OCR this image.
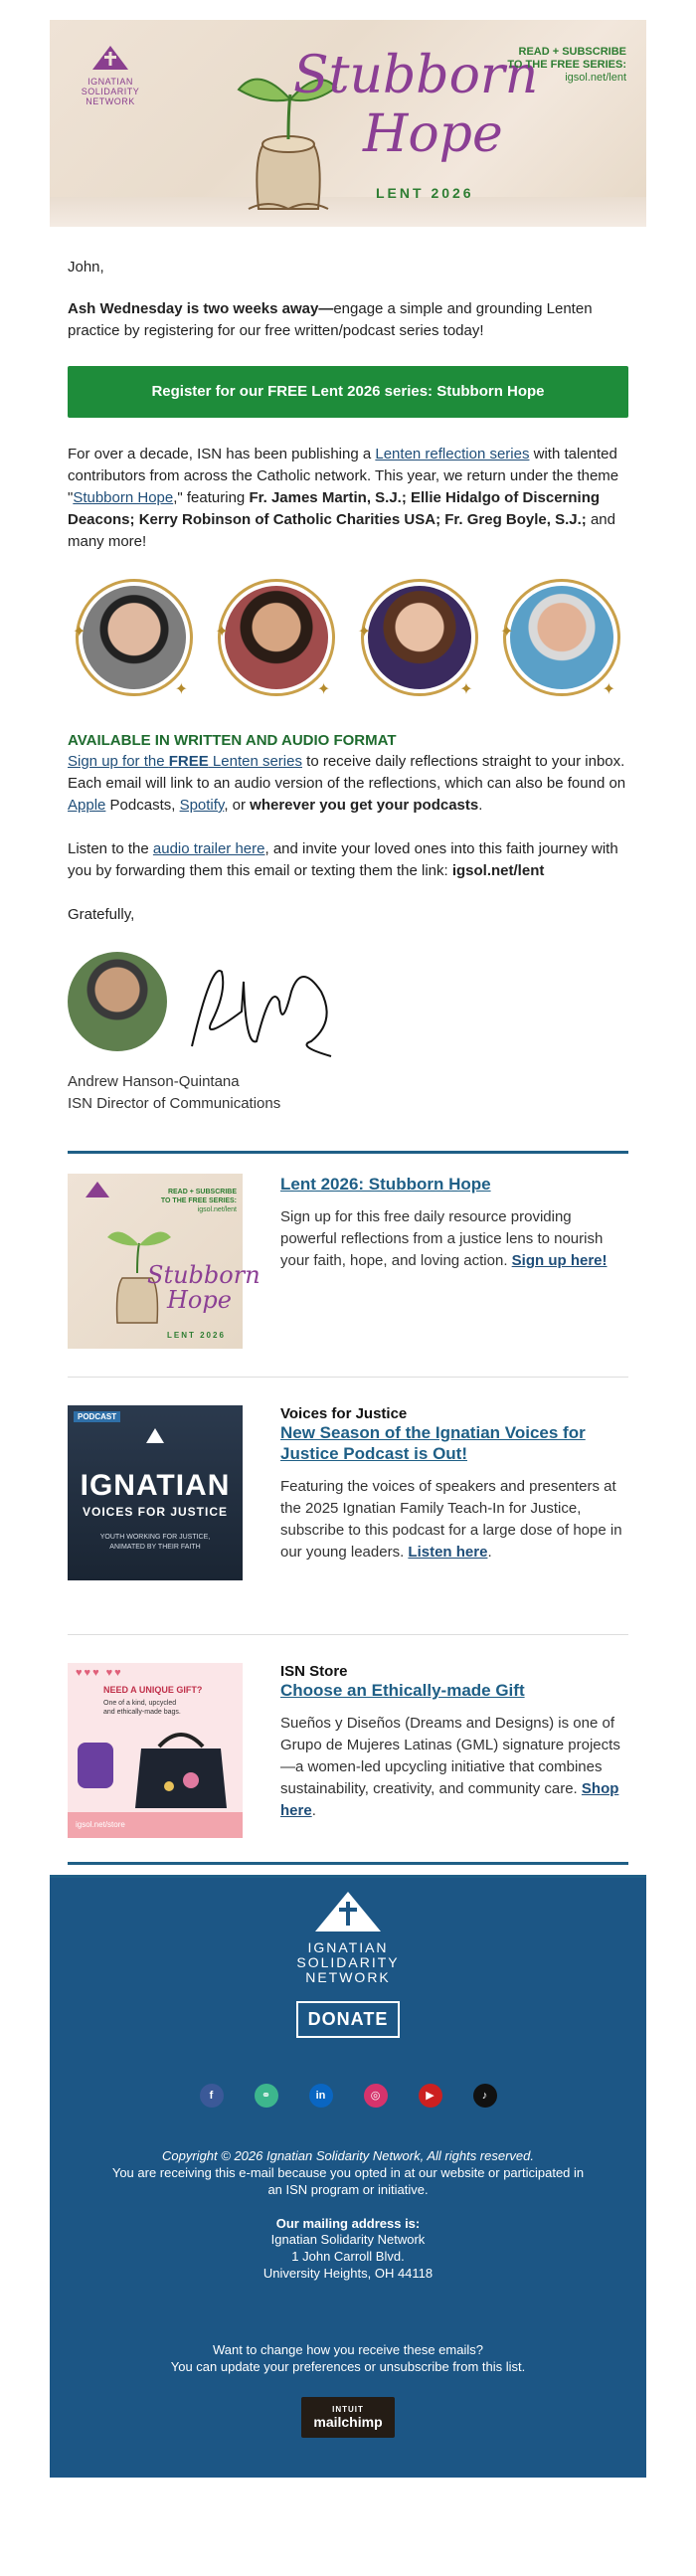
IGNATIAN
SOLIDARITY
NETWORK	Stubborn
Hope
LENT 2026
READ + SUBSCRIBE
TO THE FREE SERIES:
igsol.net/lent

John,

Ash Wednesday is two weeks away—engage a simple and grounding Lenten practice by registering for our free written/podcast series today!

Register for our FREE Lent 2026 series: Stubborn Hope

For over a decade, ISN has been publishing a Lenten reflection series with talented contributors from across the Catholic network. This year, we return under the theme "Stubborn Hope," featuring Fr. James Martin, S.J.; Ellie Hidalgo of Discerning Deacons; Kerry Robinson of Catholic Charities USA; Fr. Greg Boyle, S.J.; and many more!

✦
✦
✦
✦
✦
✦
✦
✦
AVAILABLE IN WRITTEN AND AUDIO FORMAT

Sign up for the FREE Lenten series to receive daily reflections straight to your inbox. Each email will link to an audio version of the reflections, which can also be found on Apple Podcasts, Spotify, or wherever you get your podcasts.

Listen to the audio trailer here, and invite your loved ones into this faith journey with you by forwarding them this email or texting them the link: igsol.net/lent

Gratefully,

Andrew Hanson-Quintana
ISN Director of Communications
Stubborn
Hope
LENT 2026
READ + SUBSCRIBE
TO THE FREE SERIES:
igsol.net/lent
Lent 2026: Stubborn Hope

Sign up for this free daily resource providing powerful reflections from a justice lens to nourish your faith, hope, and loving action. Sign up here!

PODCAST
IGNATIAN
VOICES FOR JUSTICE
YOUTH WORKING FOR JUSTICE, ANIMATED BY THEIR FAITH
Voices for Justice
New Season of the Ignatian Voices for Justice Podcast is Out!

Featuring the voices of speakers and presenters at the 2025 Ignatian Family Teach-In for Justice, subscribe to this podcast for a large dose of hope in our young leaders. Listen here.

♥♥♥ ♥♥
NEED A UNIQUE GIFT?
One of a kind, upcycled and ethically-made bags.
igsol.net/store
ISN Store
Choose an Ethically-made Gift

Sueños y Diseños (Dreams and Designs) is one of Grupo de Mujeres Latinas (GML) signature projects—a women-led upcycling initiative that combines sustainability, creativity, and community care. Shop here.

IGNATIAN
SOLIDARITY
NETWORK
DONATE
f	⚭	in	◎	▶	♪
Copyright © 2026 Ignatian Solidarity Network, All rights reserved.
You are receiving this e-mail because you opted in at our website or participated in an ISN program or initiative.
Our mailing address is:
Ignatian Solidarity Network
1 John Carroll Blvd.
University Heights, OH 44118
Want to change how you receive these emails?
You can update your preferences or unsubscribe from this list.
INTUIT
mailchimp
